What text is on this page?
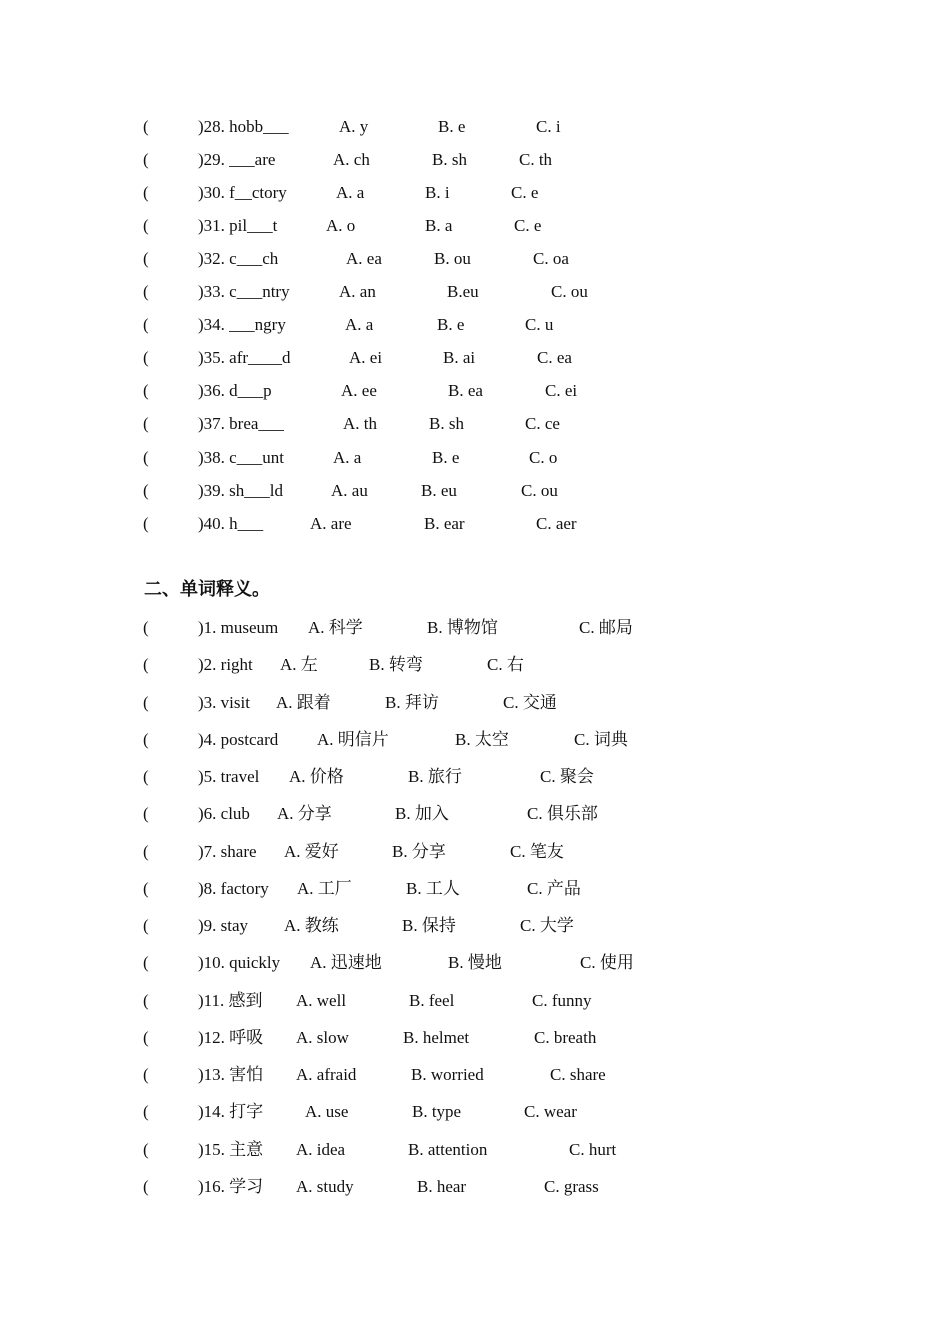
(	)28. hobb___	A. y	B. e	C. i
(	)29. ___are	A. ch	B. sh	C. th
(	)30. f__ctory	A. a	B. i	C. e
(	)31. pil___t	A. o	B. a	C. e
(	)32. c___ch	A. ea	B. ou	C. oa
(	)33. c___ntry	A. an	B.eu	C. ou
(	)34. ___ngry	A. a	B. e	C. u
(	)35. afr____d	A. ei	B. ai	C. ea
(	)36. d___p	A. ee	B. ea	C. ei
(	)37. brea___	A. th	B. sh	C. ce
(	)38. c___unt	A. a	B. e	C. o
(	)39. sh___ld	A. au	B. eu	C. ou
(	)40. h___	A. are	B. ear	C. aer
二、单词释义。
(	)1. museum A. 科学	B. 博物馆	C. 邮局
(	)2. right A. 左	B. 转弯	C. 右
(	)3. visit A. 跟着	B. 拜访	C. 交通
(	)4. postcard A. 明信片	B. 太空	C. 词典
(	)5. travel A. 价格	B. 旅行	C. 聚会
(	)6. club A. 分享	B. 加入	C. 俱乐部
(	)7. share A. 爱好	B. 分享	C. 笔友
(	)8. factory A. 工厂	B. 工人	C. 产品
(	)9. stay A. 教练	B. 保持	C. 大学
(	)10. quickly A. 迅速地	B. 慢地	C. 使用
(	)11. 感到 A. well	B. feel	C. funny
(	)12. 呼吸 A. slow	B. helmet	C. breath
(	)13. 害怕 A. afraid	B. worried	C. share
(	)14. 打字 A. use	B. type	C. wear
(	)15. 主意 A. idea	B. attention	C. hurt
(	)16. 学习 A. study	B. hear	C. grass
